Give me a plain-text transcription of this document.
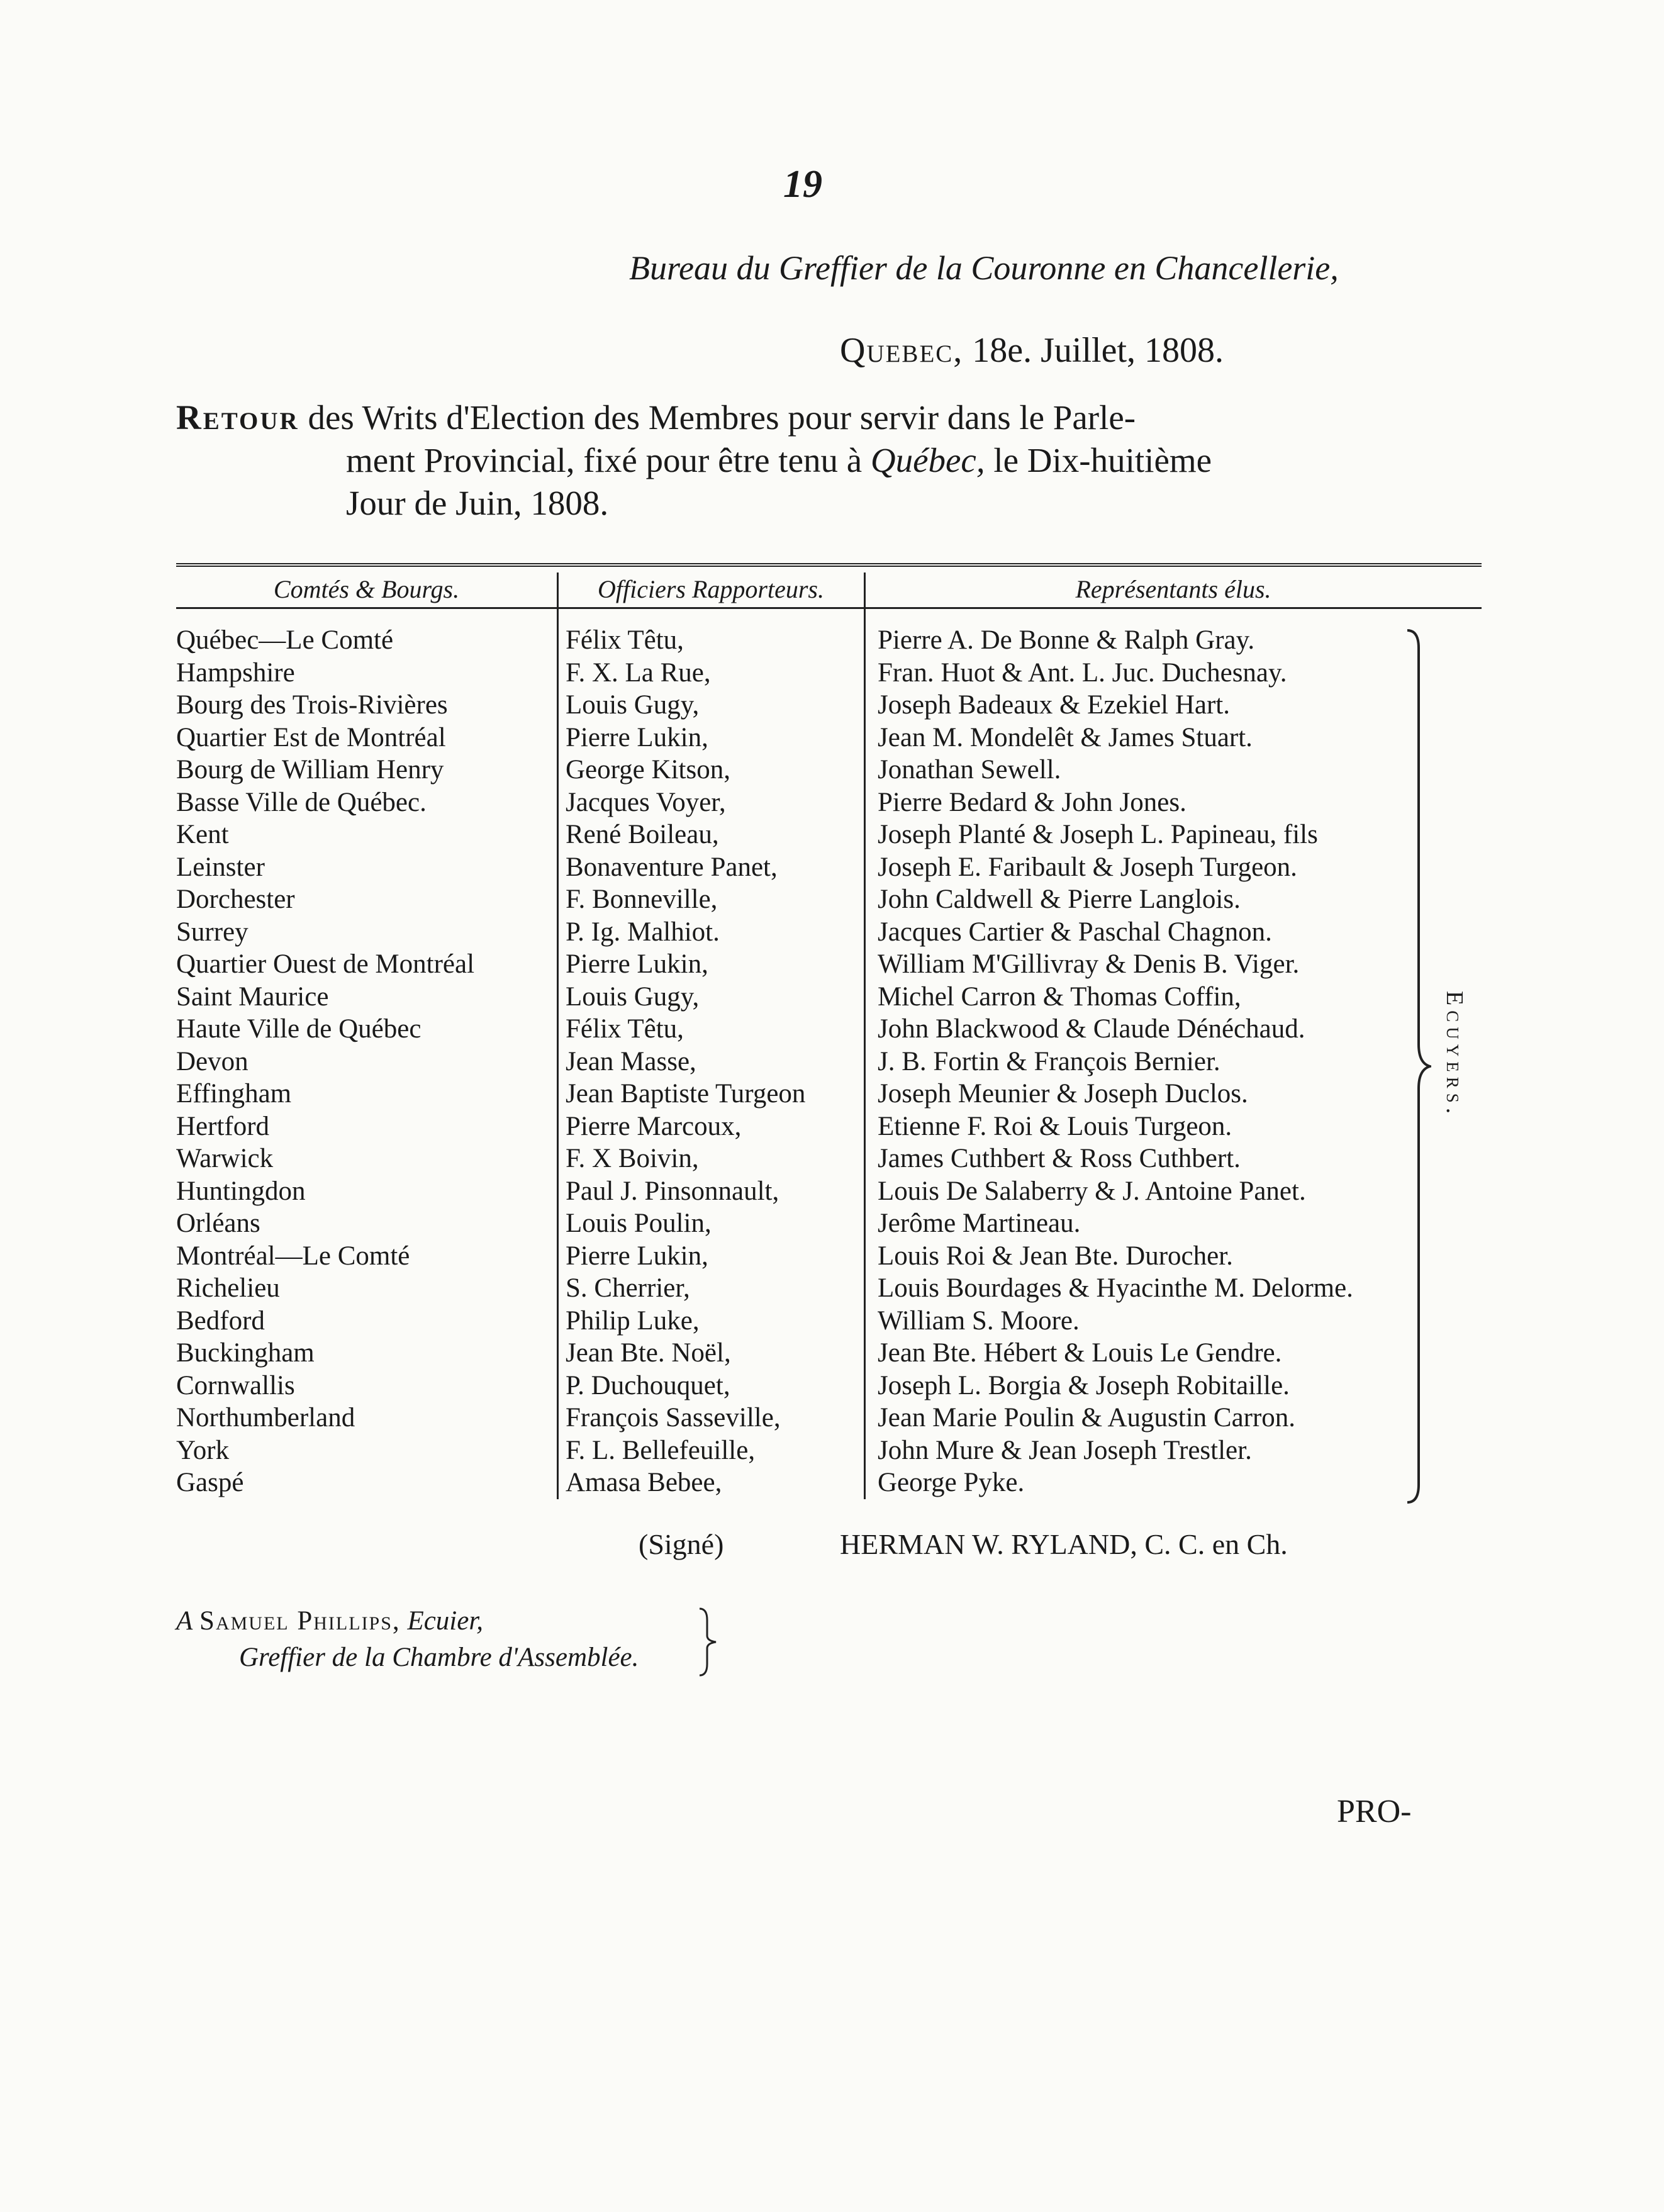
19
Bureau du Greffier de la Couronne en Chancellerie,
Quebec, 18e. Juillet, 1808.
Retour des Writs d'Election des Membres pour servir dans le Parle-
ment Provincial, fixé pour être tenu à Québec, le Dix-huitième
Jour de Juin, 1808.
Comtés & Bourgs.	Officiers Rapporteurs.	Représentants élus.
Québec—Le Comté	Félix Têtu,	Pierre A. De Bonne & Ralph Gray.
Hampshire	F. X. La Rue,	Fran. Huot & Ant. L. Juc. Duchesnay.
Bourg des Trois-Rivières	Louis Gugy,	Joseph Badeaux & Ezekiel Hart.
Quartier Est de Montréal	Pierre Lukin,	Jean M. Mondelêt & James Stuart.
Bourg de William Henry	George Kitson,	Jonathan Sewell.
Basse Ville de Québec.	Jacques Voyer,	Pierre Bedard & John Jones.
Kent	René Boileau,	Joseph Planté & Joseph L. Papineau, fils
Leinster	Bonaventure Panet,	Joseph E. Faribault & Joseph Turgeon.
Dorchester	F. Bonneville,	John Caldwell & Pierre Langlois.
Surrey	P. Ig. Malhiot.	Jacques Cartier & Paschal Chagnon.
Quartier Ouest de Montréal	Pierre Lukin,	William M'Gillivray & Denis B. Viger.
Saint Maurice	Louis Gugy,	Michel Carron & Thomas Coffin,
Haute Ville de Québec	Félix Têtu,	John Blackwood & Claude Dénéchaud.
Devon	Jean Masse,	J. B. Fortin & François Bernier.
Effingham	Jean Baptiste Turgeon	Joseph Meunier & Joseph Duclos.
Hertford	Pierre Marcoux,	Etienne F. Roi & Louis Turgeon.
Warwick	F. X Boivin,	James Cuthbert & Ross Cuthbert.
Huntingdon	Paul J. Pinsonnault,	Louis De Salaberry & J. Antoine Panet.
Orléans	Louis Poulin,	Jerôme Martineau.
Montréal—Le Comté	Pierre Lukin,	Louis Roi & Jean Bte. Durocher.
Richelieu	S. Cherrier,	Louis Bourdages & Hyacinthe M. Delorme.
Bedford	Philip Luke,	William S. Moore.
Buckingham	Jean Bte. Noël,	Jean Bte. Hébert & Louis Le Gendre.
Cornwallis	P. Duchouquet,	Joseph L. Borgia & Joseph Robitaille.
Northumberland	François Sasseville,	Jean Marie Poulin & Augustin Carron.
York	F. L. Bellefeuille,	John Mure & Jean Joseph Trestler.
Gaspé	Amasa Bebee,	George Pyke.
Ecuyers.
(Signé)	HERMAN W. RYLAND, C. C. en Ch.
A Samuel Phillips, Ecuier,
Greffier de la Chambre d'Assemblée.
PRO-
